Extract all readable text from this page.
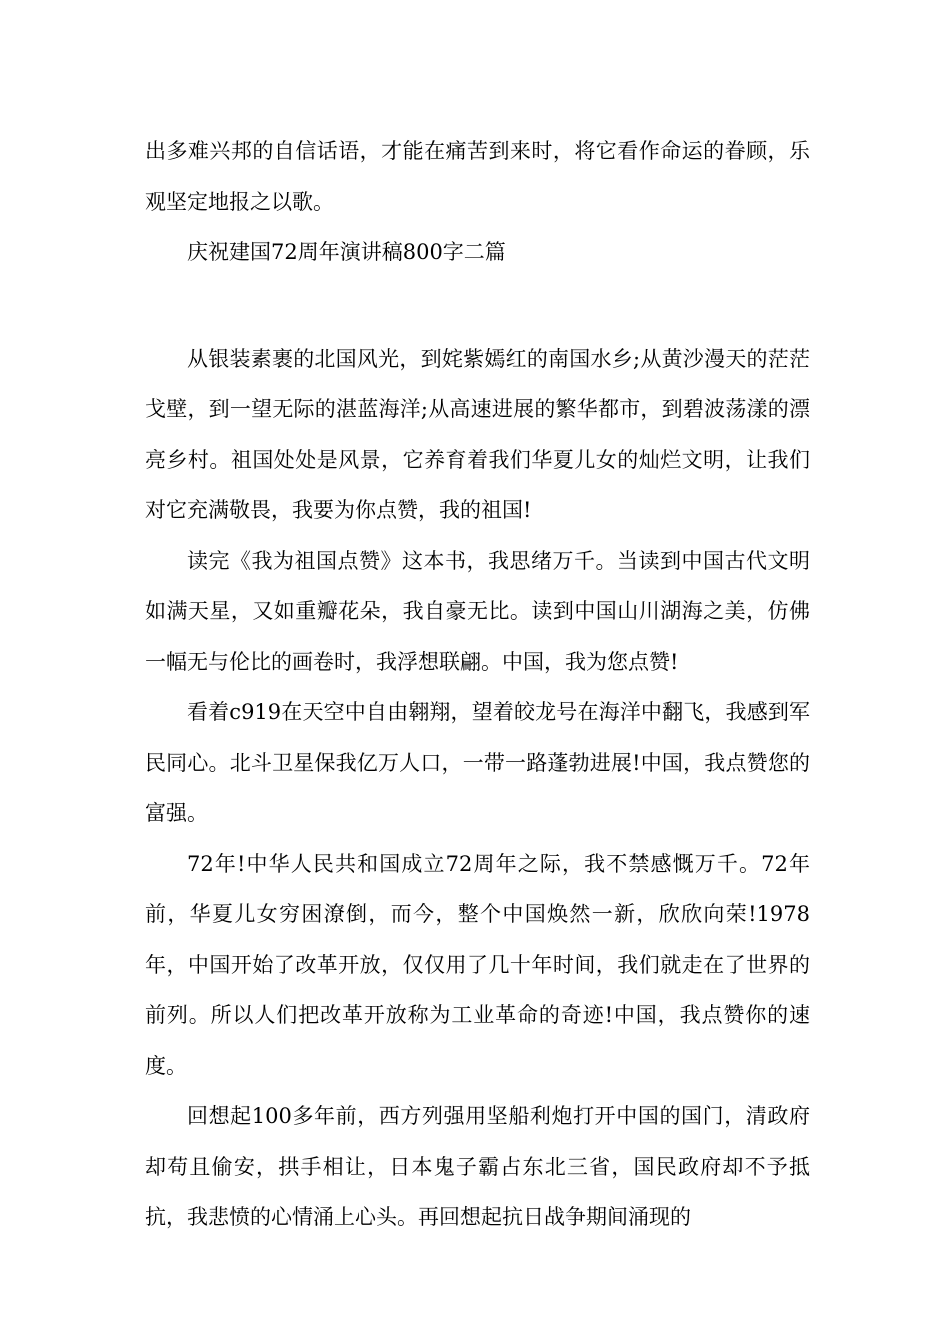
出多难兴邦的自信话语，才能在痛苦到来时，将它看作命运的眷顾，乐观坚定地报之以歌。

庆祝建国72周年演讲稿800字二篇

从银装素裹的北国风光，到姹紫嫣红的南国水乡;从黄沙漫天的茫茫戈壁，到一望无际的湛蓝海洋;从高速进展的繁华都市，到碧波荡漾的漂亮乡村。祖国处处是风景，它养育着我们华夏儿女的灿烂文明，让我们对它充满敬畏，我要为你点赞，我的祖国!

读完《我为祖国点赞》这本书，我思绪万千。当读到中国古代文明如满天星，又如重瓣花朵，我自豪无比。读到中国山川湖海之美，仿佛一幅无与伦比的画卷时，我浮想联翩。中国，我为您点赞!

看着c919在天空中自由翱翔，望着皎龙号在海洋中翻飞，我感到军民同心。北斗卫星保我亿万人口，一带一路蓬勃进展!中国，我点赞您的富强。

72年!中华人民共和国成立72周年之际，我不禁感慨万千。72年前，华夏儿女穷困潦倒，而今，整个中国焕然一新，欣欣向荣!1978年，中国开始了改革开放，仅仅用了几十年时间，我们就走在了世界的前列。所以人们把改革开放称为工业革命的奇迹!中国，我点赞你的速度。

回想起100多年前，西方列强用坚船利炮打开中国的国门，清政府却苟且偷安，拱手相让，日本鬼子霸占东北三省，国民政府却不予抵抗，我悲愤的心情涌上心头。再回想起抗日战争期间涌现的
